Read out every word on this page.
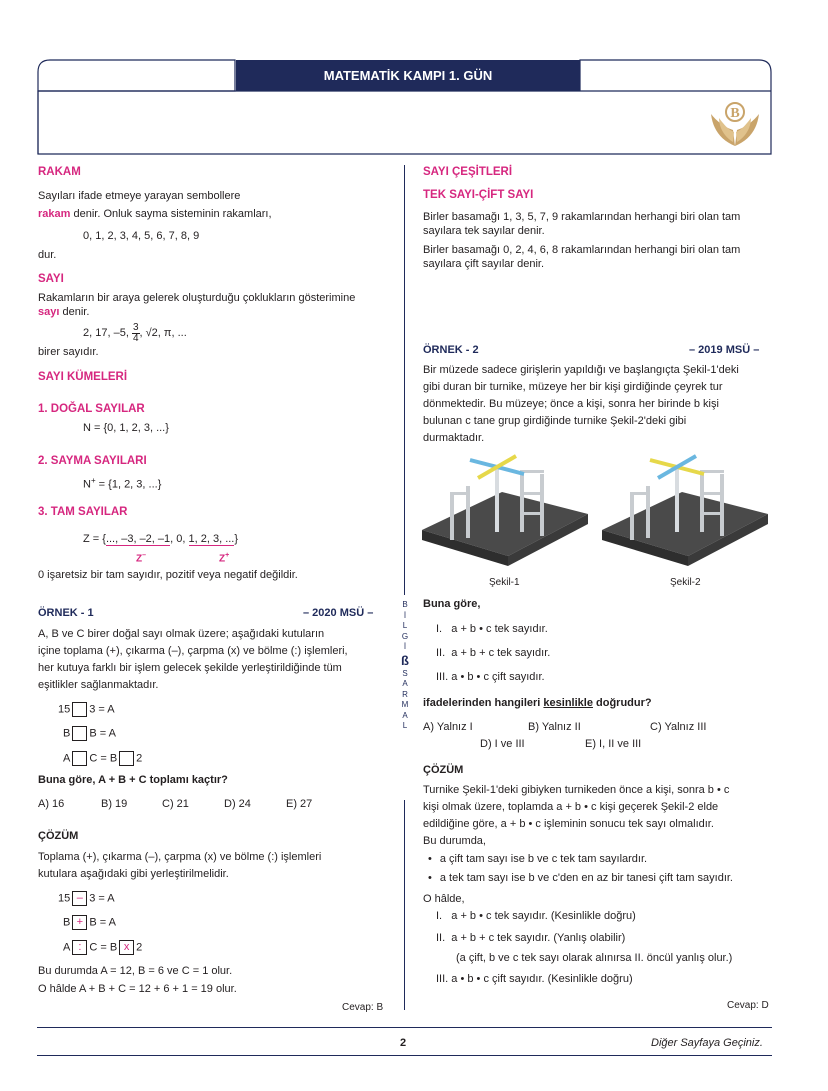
MATEMATİK KAMPI 1. GÜN
B
RAKAM
Sayıları ifade etmeye yarayan sembollere
rakam denir. Onluk sayma sisteminin rakamları,
0, 1, 2, 3, 4, 5, 6, 7, 8, 9
dur.
SAYI
Rakamların bir araya gelerek oluşturduğu çoklukların gösterimine
sayı denir.
2, 17, –5, $\frac{3}{4}$ , √2, π, ...
birer sayıdır.
SAYI KÜMELERİ
1. DOĞAL SAYILAR
N = {0, 1, 2, 3, ...}
2. SAYMA SAYILARI
N+ = {1, 2, 3, ...}
3. TAM SAYILAR
Z = {..., –3, –2, –1, 0, 1, 2, 3, ...}
Z–	Z+
0 işaretsiz bir tam sayıdır, pozitif veya negatif değildir.
ÖRNEK - 1	– 2020 MSÜ –
A, B ve C birer doğal sayı olmak üzere; aşağıdaki kutuların
içine toplama (+), çıkarma (–), çarpma (x) ve bölme (:) işlemleri,
her kutuya farklı bir işlem gelecek şekilde yerleştirildiğinde tüm
eşitlikler sağlanmaktadır.
15 3 = A
B B = A
A C = B 2
Buna göre, A + B + C toplamı kaçtır?
A) 16	B) 19	C) 21	D) 24	E) 27
ÇÖZÜM
Toplama (+), çıkarma (–), çarpma (x) ve bölme (:) işlemleri
kutulara aşağıdaki gibi yerleştirilmelidir.
15 – 3 = A
B + B = A
A : C = B x 2
Bu durumda A = 12, B = 6 ve C = 1 olur.
O hâlde A + B + C = 12 + 6 + 1 = 19 olur.
Cevap: B
B
İ
L
G
İ
ß
S
A
R
M
A
L
SAYI ÇEŞİTLERİ
TEK SAYI-ÇİFT SAYI
Birler basamağı 1, 3, 5, 7, 9 rakamlarından herhangi biri olan tam
sayılara tek sayılar denir.
Birler basamağı 0, 2, 4, 6, 8 rakamlarından herhangi biri olan tam
sayılara çift sayılar denir.
ÖRNEK - 2	– 2019 MSÜ –
Bir müzede sadece girişlerin yapıldığı ve başlangıçta Şekil-1'deki
gibi duran bir turnike, müzeye her bir kişi girdiğinde çeyrek tur
dönmektedir. Bu müzeye; önce a kişi, sonra her birinde b kişi
bulunan c tane grup girdiğinde turnike Şekil-2'deki gibi
durmaktadır.
Şekil-1	Şekil-2
Buna göre,
I.   a + b • c tek sayıdır.
II.  a + b + c tek sayıdır.
III. a • b • c çift sayıdır.
ifadelerinden hangileri kesinlikle doğrudur?
A) Yalnız I	B) Yalnız II	C) Yalnız III
D) I ve III	E) I, II ve III
ÇÖZÜM
Turnike Şekil-1'deki gibiyken turnikeden önce a kişi, sonra b • c
kişi olmak üzere, toplamda a + b • c kişi geçerek Şekil-2 elde
edildiğine göre, a + b • c işleminin sonucu tek sayı olmalıdır.
Bu durumda,
• a çift tam sayı ise b ve c tek tam sayılardır.
• a tek tam sayı ise b ve c'den en az bir tanesi çift tam sayıdır.
O hâlde,
I.   a + b • c tek sayıdır. (Kesinlikle doğru)
II.  a + b + c tek sayıdır. (Yanlış olabilir)
(a çift, b ve c tek sayı olarak alınırsa II. öncül yanlış olur.)
III. a • b • c çift sayıdır. (Kesinlikle doğru)
Cevap: D
2	Diğer Sayfaya Geçiniz.
